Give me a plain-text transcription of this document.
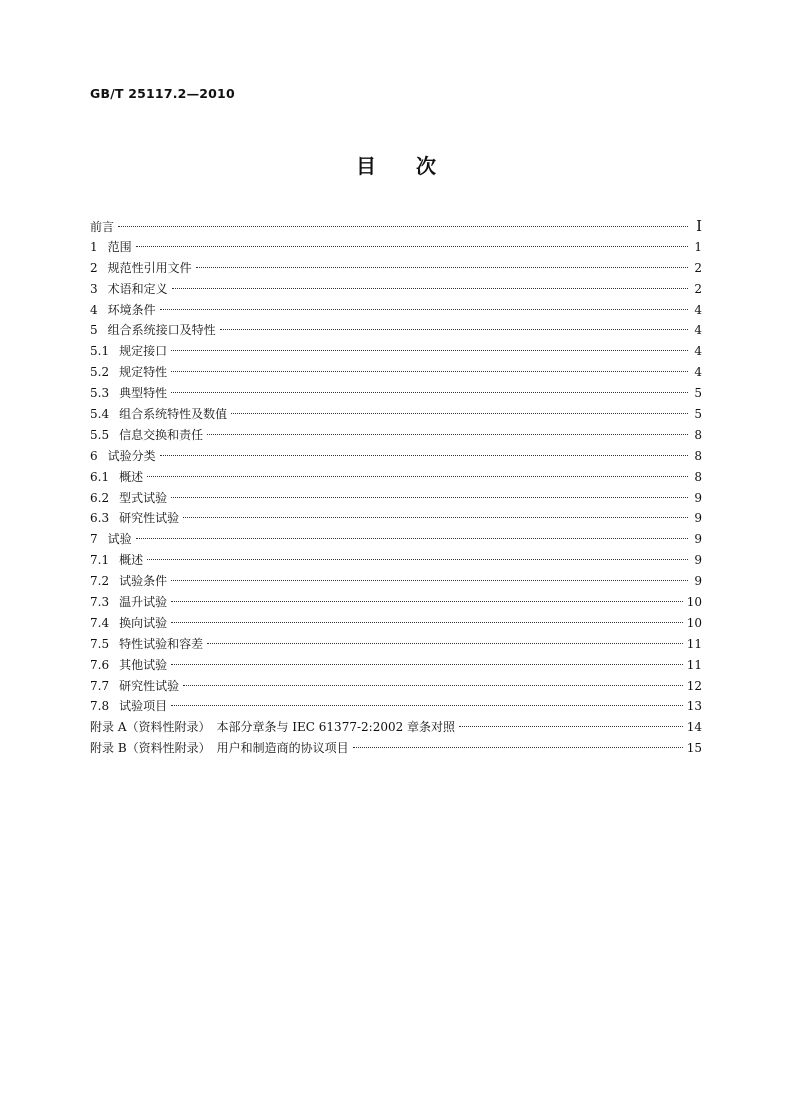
GB/T 25117.2—2010
目 次
前言	Ⅰ
1 范围	1
2 规范性引用文件	2
3 术语和定义	2
4 环境条件	4
5 组合系统接口及特性	4
5.1 规定接口	4
5.2 规定特性	4
5.3 典型特性	5
5.4 组合系统特性及数值	5
5.5 信息交换和责任	8
6 试验分类	8
6.1 概述	8
6.2 型式试验	9
6.3 研究性试验	9
7 试验	9
7.1 概述	9
7.2 试验条件	9
7.3 温升试验	10
7.4 换向试验	10
7.5 特性试验和容差	11
7.6 其他试验	11
7.7 研究性试验	12
7.8 试验项目	13
附录 A（资料性附录）　本部分章条与 IEC 61377-2:2002 章条对照	14
附录 B（资料性附录）　用户和制造商的协议项目	15
